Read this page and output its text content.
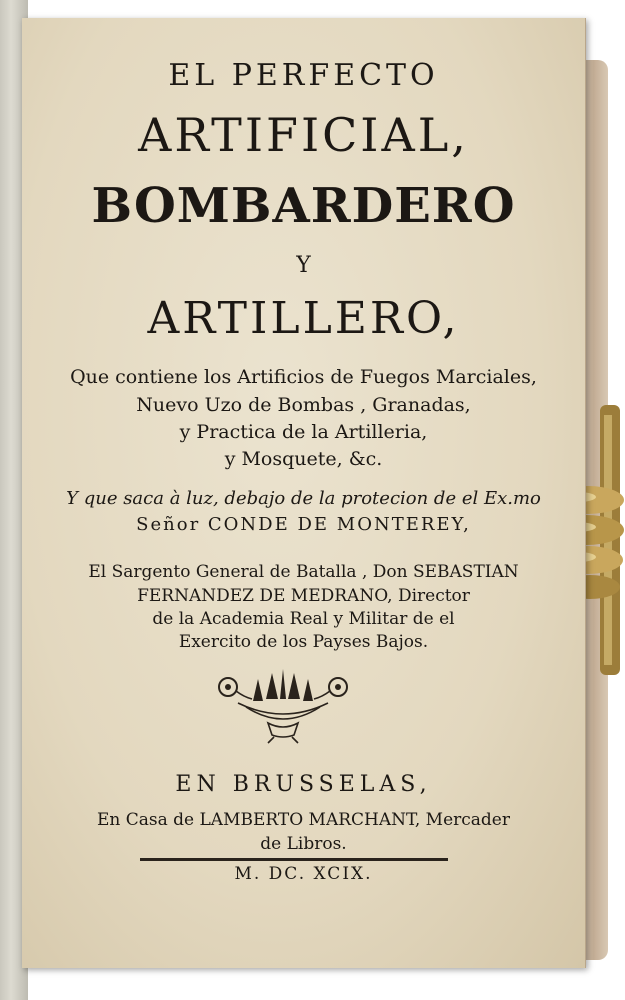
EL PERFECTO
ARTIFICIAL,
BOMBARDERO
Y
ARTILLERO,
Que contiene los Artificios de Fuegos Marciales,
Nuevo Uzo de Bombas , Granadas,
y Practica de la Artilleria,
y Mosquete, &c.
Y que saca à luz, debajo de la protecion de el Ex.mo
Señor CONDE DE MONTEREY,
El Sargento General de Batalla , Don SEBASTIAN
FERNANDEZ DE MEDRANO, Director
de la Academia Real y Militar de el
Exercito de los Payses Bajos.
EN BRUSSELAS,
En Casa de LAMBERTO MARCHANT, Mercader
de Libros.
M. DC. XCIX.
